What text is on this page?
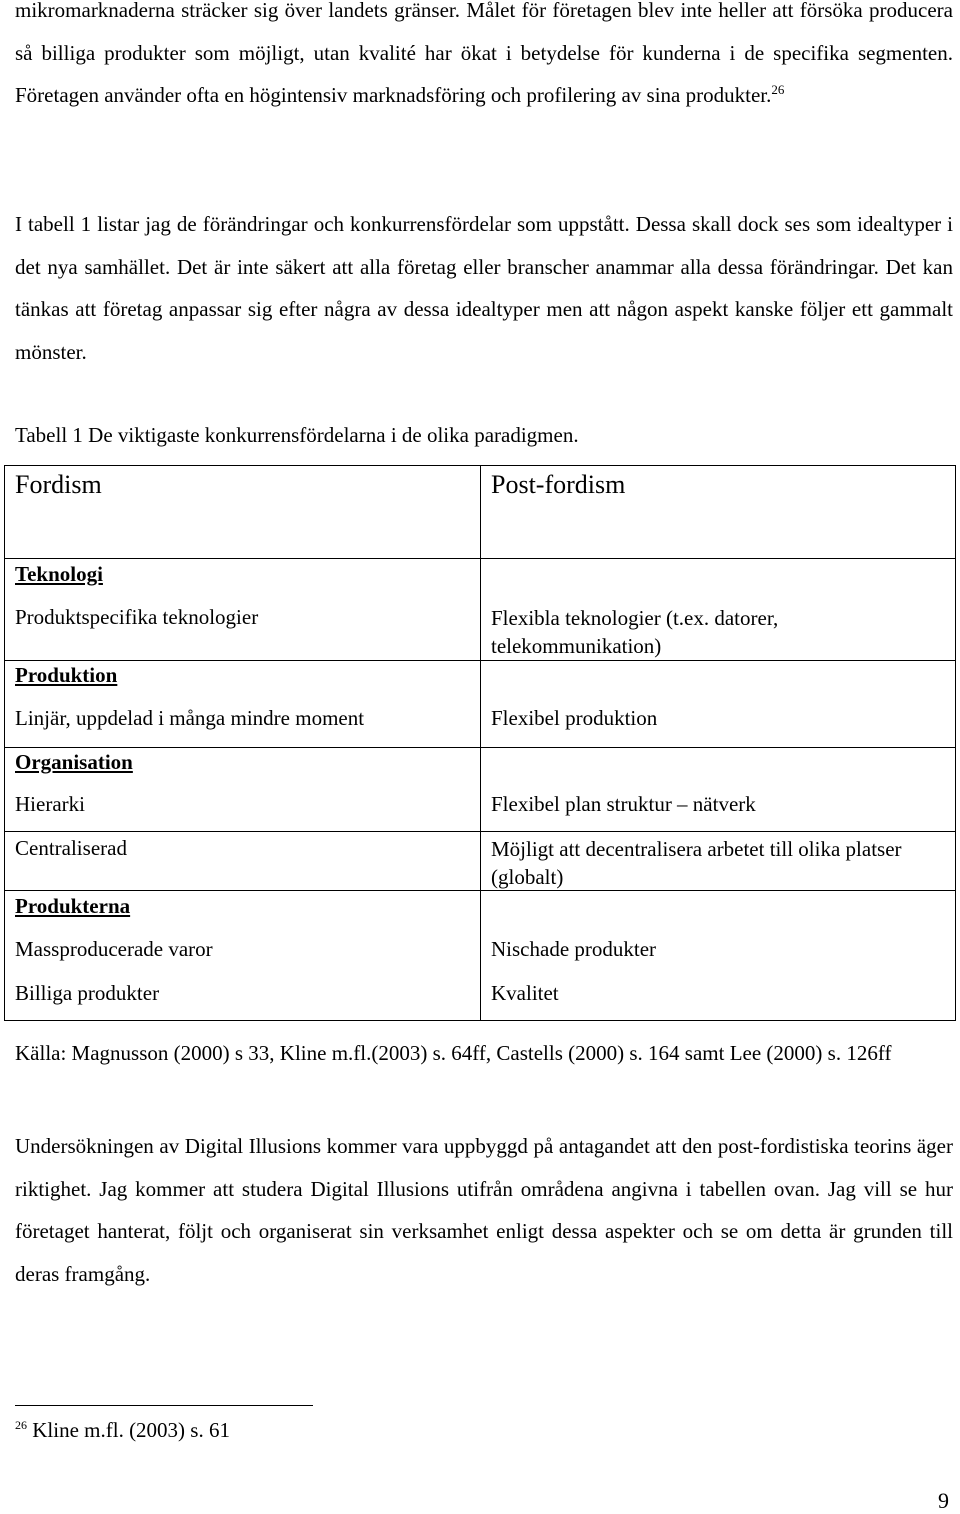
mikromarknaderna sträcker sig över landets gränser. Målet för företagen blev inte heller att försöka producera så billiga produkter som möjligt, utan kvalité har ökat i betydelse för kunderna i de specifika segmenten. Företagen använder ofta en högintensiv marknadsföring och profilering av sina produkter.$^{26}$

I tabell 1 listar jag de förändringar och konkurrensfördelar som uppstått. Dessa skall dock ses som idealtyper i det nya samhället. Det är inte säkert att alla företag eller branscher anammar alla dessa förändringar. Det kan tänkas att företag anpassar sig efter några av dessa idealtyper men att någon aspekt kanske följer ett gammalt mönster.

Tabell 1 De viktigaste konkurrensfördelarna i de olika paradigmen.

Fordism	Post-fordism

Teknologi

Produktspecifika teknologier	Flexibla teknologier (t.ex. datorer, telekommunikation)

Produktion

Linjär, uppdelad i många mindre moment	Flexibel produktion

Organisation

Hierarki	Flexibel plan struktur – nätverk

Centraliserad	Möjligt att decentralisera arbetet till olika platser (globalt)

Produkterna

Massproducerade varor	Nischade produkter

Billiga produkter	Kvalitet

Källa: Magnusson (2000) s 33, Kline m.fl.(2003) s. 64ff, Castells (2000) s. 164 samt Lee (2000) s. 126ff

Undersökningen av Digital Illusions kommer vara uppbyggd på antagandet att den post-fordistiska teorins äger riktighet. Jag kommer att studera Digital Illusions utifrån områdena angivna i tabellen ovan. Jag vill se hur företaget hanterat, följt och organiserat sin verksamhet enligt dessa aspekter och se om detta är grunden till deras framgång.

$^{26}$ Kline m.fl. (2003) s. 61

9
